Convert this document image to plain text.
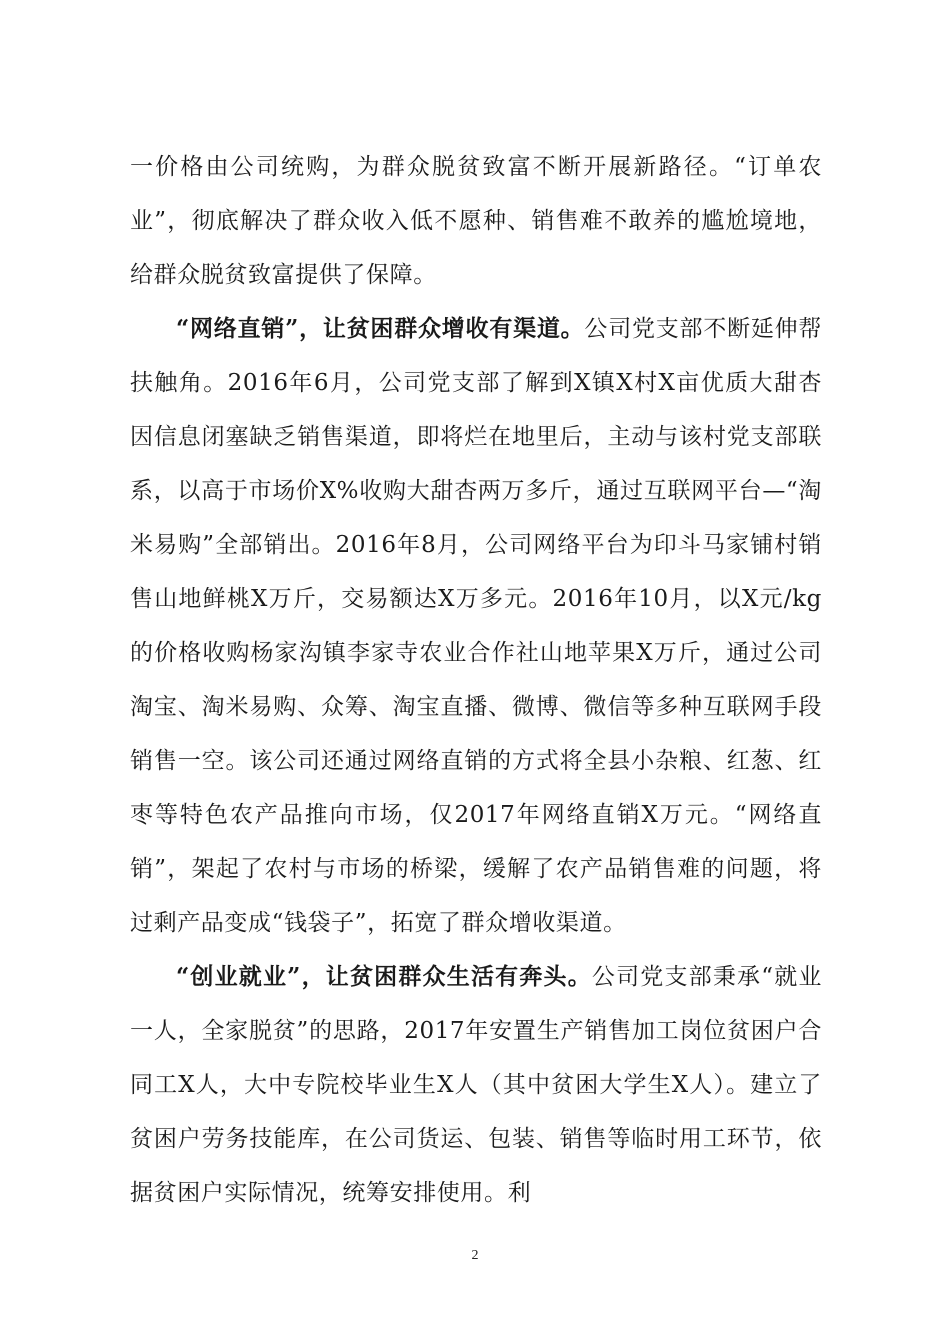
一价格由公司统购，为群众脱贫致富不断开展新路径。“订单农业”，彻底解决了群众收入低不愿种、销售难不敢养的尴尬境地，给群众脱贫致富提供了保障。

“网络直销”，让贫困群众增收有渠道。公司党支部不断延伸帮扶触角。2016年6月，公司党支部了解到X镇X村X亩优质大甜杏因信息闭塞缺乏销售渠道，即将烂在地里后，主动与该村党支部联系，以高于市场价X%收购大甜杏两万多斤，通过互联网平台—“淘米易购”全部销出。2016年8月，公司网络平台为印斗马家铺村销售山地鲜桃X万斤，交易额达X万多元。2016年10月，以X元/kg的价格收购杨家沟镇李家寺农业合作社山地苹果X万斤，通过公司淘宝、淘米易购、众筹、淘宝直播、微博、微信等多种互联网手段销售一空。该公司还通过网络直销的方式将全县小杂粮、红葱、红枣等特色农产品推向市场，仅2017年网络直销X万元。“网络直销”，架起了农村与市场的桥梁，缓解了农产品销售难的问题，将过剩产品变成“钱袋子”，拓宽了群众增收渠道。

“创业就业”，让贫困群众生活有奔头。公司党支部秉承“就业一人，全家脱贫”的思路，2017年安置生产销售加工岗位贫困户合同工X人，大中专院校毕业生X人（其中贫困大学生X人）。建立了贫困户劳务技能库，在公司货运、包装、销售等临时用工环节，依据贫困户实际情况，统筹安排使用。利

2
